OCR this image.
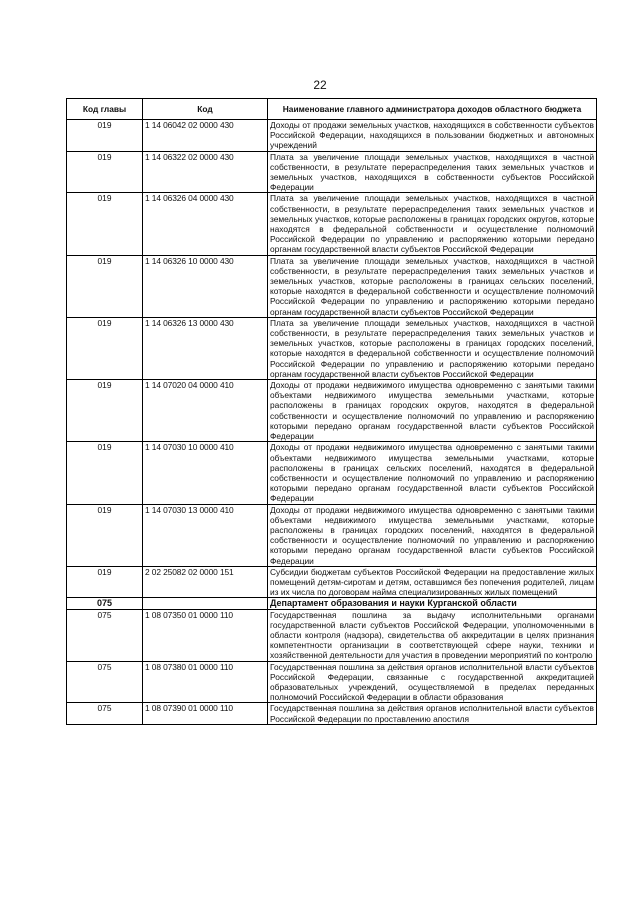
22
Код главы	Код	Наименование главного администратора доходов областного бюджета
019	1 14 06042 02 0000 430	Доходы от продажи земельных участков, находящихся в собственности субъектов Российской Федерации, находящихся в пользовании бюджетных и автономных учреждений
019	1 14 06322 02 0000 430	Плата за увеличение площади земельных участков, находящихся в частной собственности, в результате перераспределения таких земельных участков и земельных участков, находящихся в собственности субъектов Российской Федерации
019	1 14 06326 04 0000 430	Плата за увеличение площади земельных участков, находящихся в частной собственности, в результате перераспределения таких земельных участков и земельных участков, которые расположены в границах городских округов, которые находятся в федеральной собственности и осуществление полномочий Российской Федерации по управлению и распоряжению которыми передано органам государственной власти субъектов Российской Федерации
019	1 14 06326 10 0000 430	Плата за увеличение площади земельных участков, находящихся в частной собственности, в результате перераспределения таких земельных участков и земельных участков, которые расположены в границах сельских поселений, которые находятся в федеральной собственности и осуществление полномочий Российской Федерации по управлению и распоряжению которыми передано органам государственной власти субъектов Российской Федерации
019	1 14 06326 13 0000 430	Плата за увеличение площади земельных участков, находящихся в частной собственности, в результате перераспределения таких земельных участков и земельных участков, которые расположены в границах городских поселений, которые находятся в федеральной собственности и осуществление полномочий Российской Федерации по управлению и распоряжению которыми передано органам государственной власти субъектов Российской Федерации
019	1 14 07020 04 0000 410	Доходы от продажи недвижимого имущества одновременно с занятыми такими объектами недвижимого имущества земельными участками, которые расположены в границах городских округов, находятся в федеральной собственности и осуществление полномочий по управлению и распоряжению которыми передано органам государственной власти субъектов Российской Федерации
019	1 14 07030 10 0000 410	Доходы от продажи недвижимого имущества одновременно с занятыми такими объектами недвижимого имущества земельными участками, которые расположены в границах сельских поселений, находятся в федеральной собственности и осуществление полномочий по управлению и распоряжению которыми передано органам государственной власти субъектов Российской Федерации
019	1 14 07030 13 0000 410	Доходы от продажи недвижимого имущества одновременно с занятыми такими объектами недвижимого имущества земельными участками, которые расположены в границах городских поселений, находятся в федеральной собственности и осуществление полномочий по управлению и распоряжению которыми передано органам государственной власти субъектов Российской Федерации
019	2 02 25082 02 0000 151	Субсидии бюджетам субъектов Российской Федерации на предоставление жилых помещений детям-сиротам и детям, оставшимся без попечения родителей, лицам из их числа по договорам найма специализированных жилых помещений
075		Департамент образования и науки Курганской области
075	1 08 07350 01 0000 110	Государственная пошлина за выдачу исполнительными органами государственной власти субъектов Российской Федерации, уполномоченными в области контроля (надзора), свидетельства об аккредитации в целях признания компетентности организации в соответствующей сфере науки, техники и хозяйственной деятельности для участия в проведении мероприятий по контролю
075	1 08 07380 01 0000 110	Государственная пошлина за действия органов исполнительной власти субъектов Российской Федерации, связанные с государственной аккредитацией образовательных учреждений, осуществляемой в пределах переданных полномочий Российской Федерации в области образования
075	1 08 07390 01 0000 110	Государственная пошлина за действия органов исполнительной власти субъектов Российской Федерации по проставлению апостиля
